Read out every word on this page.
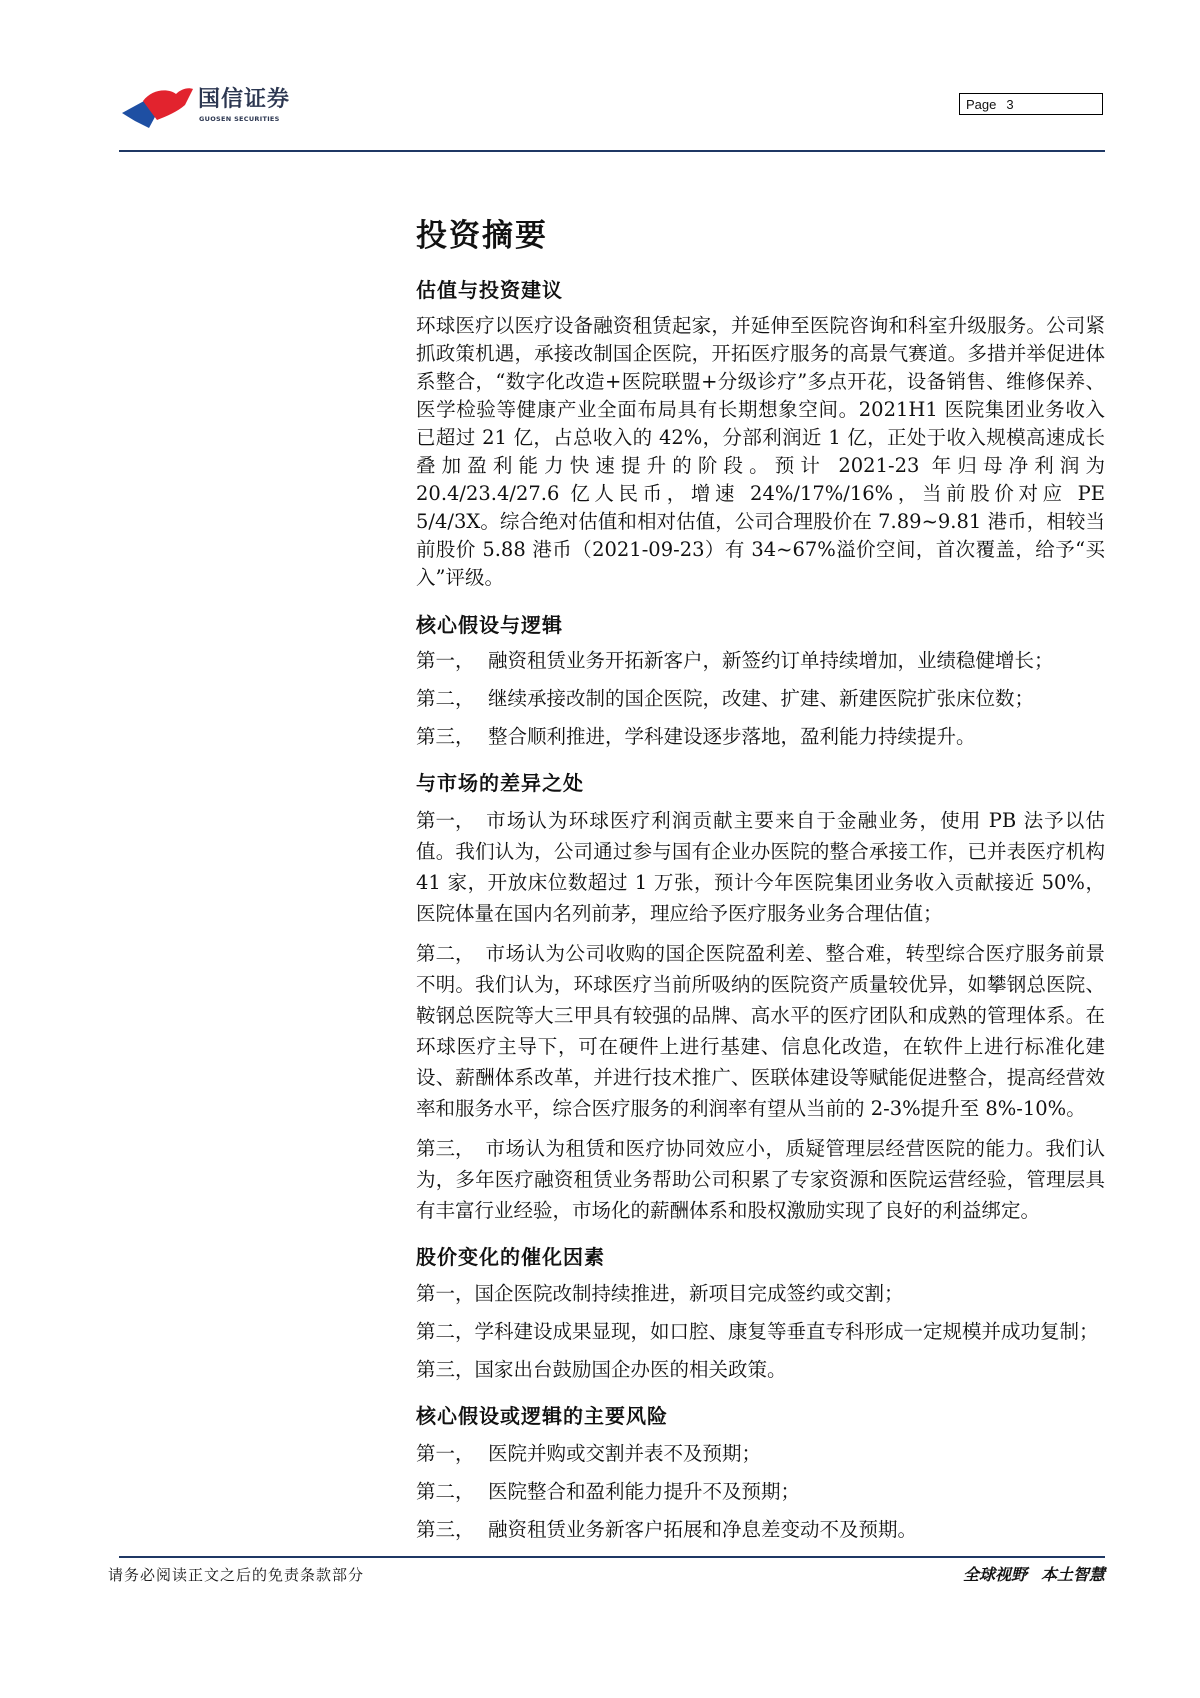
国信证券
GUOSEN SECURITIES
Page 3
投资摘要
估值与投资建议

环球医疗以医疗设备融资租赁起家，并延伸至医院咨询和科室升级服务。公司紧抓政策机遇，承接改制国企医院，开拓医疗服务的高景气赛道。多措并举促进体系整合，“数字化改造+医院联盟+分级诊疗”多点开花，设备销售、维修保养、医学检验等健康产业全面布局具有长期想象空间。2021H1 医院集团业务收入已超过 21 亿，占总收入的 42%，分部利润近 1 亿，正处于收入规模高速成长叠加盈利能力快速提升的阶段。预计 2021-23 年归母净利润为 20.4/23.4/27.6 亿人民币，增速 24%/17%/16%，当前股价对应 PE 5/4/3X。综合绝对估值和相对估值，公司合理股价在 7.89~9.81 港币，相较当前股价 5.88 港币（2021-09-23）有 34~67%溢价空间，首次覆盖，给予“买入”评级。

核心假设与逻辑
第一， 融资租赁业务开拓新客户，新签约订单持续增加，业绩稳健增长；
第二， 继续承接改制的国企医院，改建、扩建、新建医院扩张床位数；
第三， 整合顺利推进，学科建设逐步落地，盈利能力持续提升。
与市场的差异之处

第一， 市场认为环球医疗利润贡献主要来自于金融业务，使用 PB 法予以估值。我们认为，公司通过参与国有企业办医院的整合承接工作，已并表医疗机构 41 家，开放床位数超过 1 万张，预计今年医院集团业务收入贡献接近 50%，医院体量在国内名列前茅，理应给予医疗服务业务合理估值；

第二， 市场认为公司收购的国企医院盈利差、整合难，转型综合医疗服务前景不明。我们认为，环球医疗当前所吸纳的医院资产质量较优异，如攀钢总医院、鞍钢总医院等大三甲具有较强的品牌、高水平的医疗团队和成熟的管理体系。在环球医疗主导下，可在硬件上进行基建、信息化改造，在软件上进行标准化建设、薪酬体系改革，并进行技术推广、医联体建设等赋能促进整合，提高经营效率和服务水平，综合医疗服务的利润率有望从当前的 2-3%提升至 8%-10%。

第三， 市场认为租赁和医疗协同效应小，质疑管理层经营医院的能力。我们认为，多年医疗融资租赁业务帮助公司积累了专家资源和医院运营经验，管理层具有丰富行业经验，市场化的薪酬体系和股权激励实现了良好的利益绑定。

股价变化的催化因素
第一，国企医院改制持续推进，新项目完成签约或交割；
第二，学科建设成果显现，如口腔、康复等垂直专科形成一定规模并成功复制；
第三，国家出台鼓励国企办医的相关政策。
核心假设或逻辑的主要风险
第一， 医院并购或交割并表不及预期；
第二， 医院整合和盈利能力提升不及预期；
第三， 融资租赁业务新客户拓展和净息差变动不及预期。
请务必阅读正文之后的免责条款部分	全球视野 本土智慧
